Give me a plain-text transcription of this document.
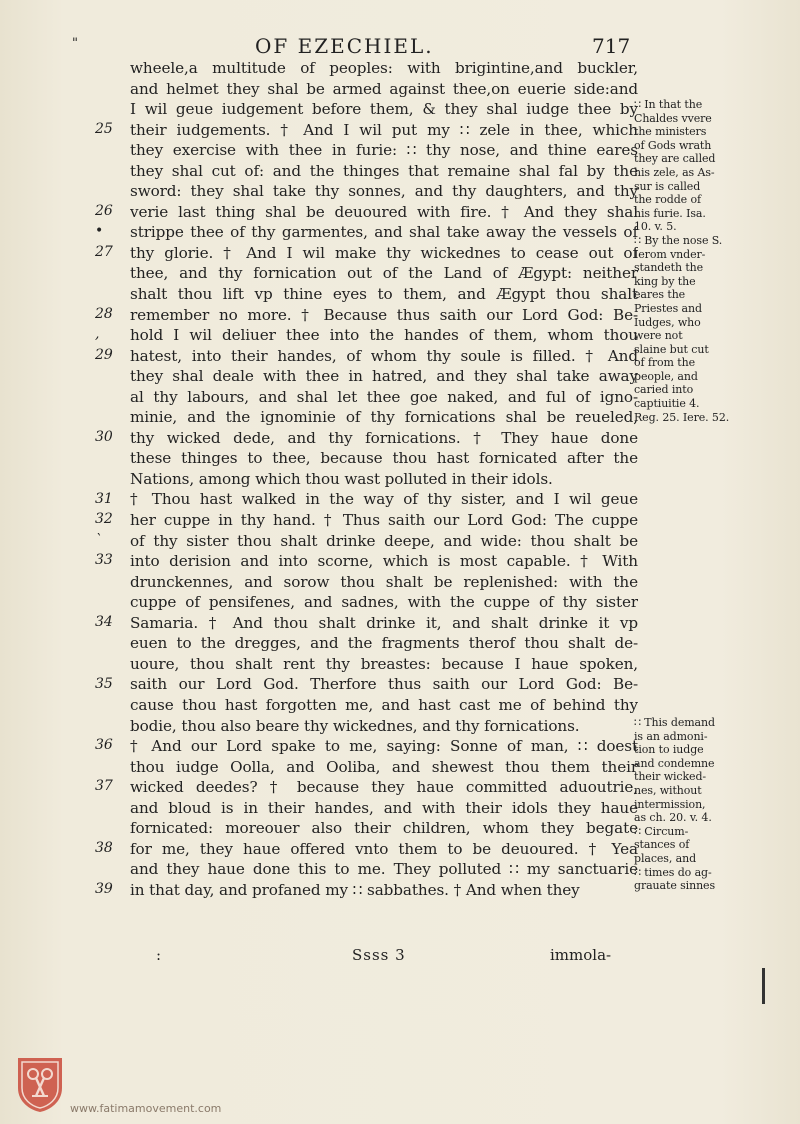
"	OF EZECHIEL.	717
25
26
•
27
28
,
29
30
31
32
`
33
34
35
36
37
38
39
wheele,a multitude of peoples: with brigintine,and buckler,
and helmet they shal be armed against thee,on euerie side:and
I wil geue iudgement before them, & they shal iudge thee by
their iudgements. † And I wil put my ∷ zele in thee, which
they exercise with thee in furie: ∷ thy nose, and thine eares
they shal cut of: and the thinges that remaine shal fal by the
sword: they shal take thy sonnes, and thy daughters, and thy
verie last thing shal be deuoured with fire. † And they shal
strippe thee of thy garmentes, and shal take away the vessels of
thy glorie. † And I wil make thy wickednes to cease out of
thee, and thy fornication out of the Land of Ægypt: neither
shalt thou lift vp thine eyes to them, and Ægypt thou shalt
remember no more. † Because thus saith our Lord God: Be-
hold I wil deliuer thee into the handes of them, whom thou
hatest, into their handes, of whom thy soule is filled. † And
they shal deale with thee in hatred, and they shal take away
al thy labours, and shal let thee goe naked, and ful of igno-
minie, and the ignominie of thy fornications shal be reueled,
thy wicked dede, and thy fornications. † They haue done
these thinges to thee, because thou hast fornicated after the
Nations, among which thou wast polluted in their idols.
† Thou hast walked in the way of thy sister, and I wil geue
her cuppe in thy hand. † Thus saith our Lord God: The cuppe
of thy sister thou shalt drinke deepe, and wide: thou shalt be
into derision and into scorne, which is most capable. † With
drunckennes, and sorow thou shalt be replenished: with the
cuppe of pensifenes, and sadnes, with the cuppe of thy sister
Samaria. † And thou shalt drinke it, and shalt drinke it vp
euen to the dregges, and the fragments therof thou shalt de-
uoure, thou shalt rent thy breastes: because I haue spoken,
saith our Lord God. Therfore thus saith our Lord God: Be-
cause thou hast forgotten me, and hast cast me of behind thy
bodie, thou also beare thy wickednes, and thy fornications.
† And our Lord spake to me, saying: Sonne of man, ∷ doest
thou iudge Oolla, and Ooliba, and shewest thou them their
wicked deedes? † because they haue committed aduoutrie,
and bloud is in their handes, and with their idols they haue
fornicated: moreouer also their children, whom they begate
for me, they haue offered vnto them to be deuoured. † Yea
and they haue done this to me. They polluted ∷ my sanctuarie
in that day, and profaned my ∷ sabbathes. † And when they
∷ In that the
Chaldes vvere
the ministers
of Gods wrath
they are called
his zele, as As-
sur is called
the rodde of
his furie. Isa.
10. v. 5.
∷ By the nose S.
Ierom vnder-
standeth the
king by the
eares the
Priestes and
Iudges, who
were not
slaine but cut
of from the
people, and
caried into
captiuitie 4.
Reg. 25. Iere. 52.
∷ This demand
is an admoni-
tion to iudge
and condemne
their wicked-
nes, without
intermission,
as ch. 20. v. 4.
∷ Circum-
stances of
places, and
∷ times do ag-
grauate sinnes
:	Ssss 3	immola-
www.fatimamovement.com
